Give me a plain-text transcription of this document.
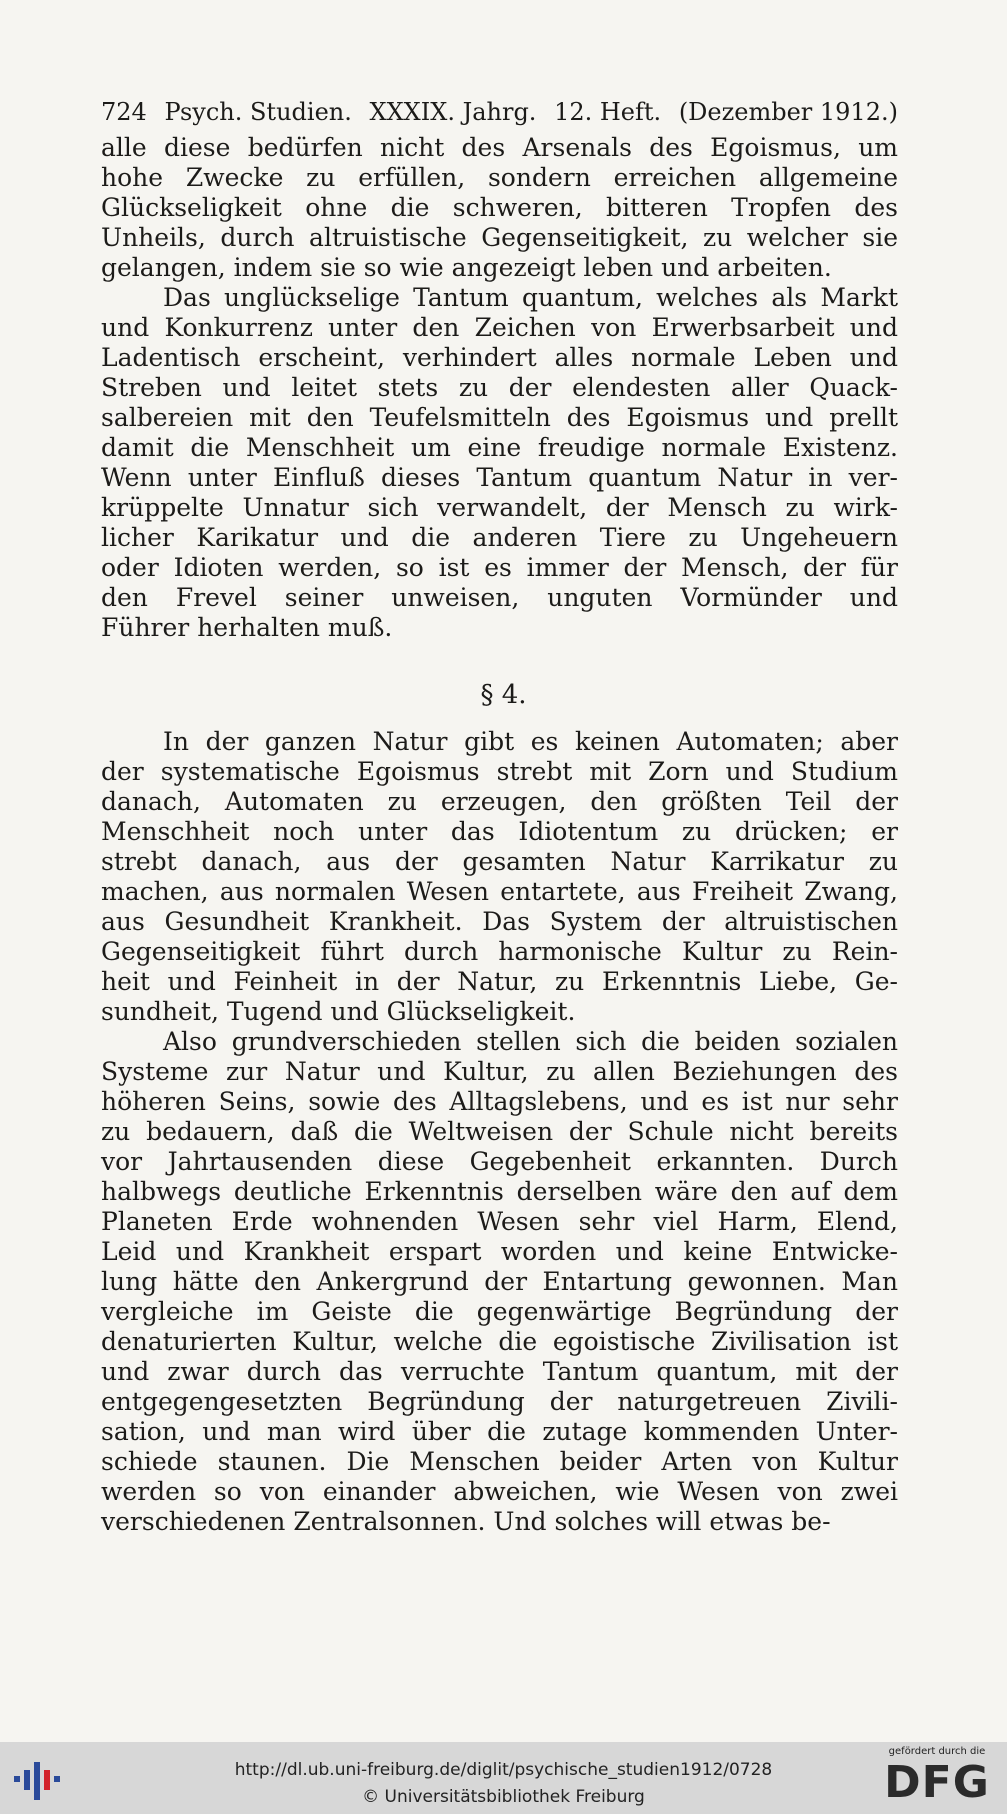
724 Psych. Studien. XXXIX. Jahrg. 12. Heft. (Dezember 1912.)
alle diese bedürfen nicht des Arsenals des Egoismus, um
hohe Zwecke zu erfüllen, sondern erreichen allgemeine
Glückseligkeit ohne die schweren, bitteren Tropfen des
Unheils, durch altruistische Gegenseitigkeit, zu welcher sie
gelangen, indem sie so wie angezeigt leben und arbeiten.
Das unglückselige Tantum quantum, welches als Markt
und Konkurrenz unter den Zeichen von Erwerbsarbeit und
Ladentisch erscheint, verhindert alles normale Leben und
Streben und leitet stets zu der elendesten aller Quack-
salbereien mit den Teufelsmitteln des Egoismus und prellt
damit die Menschheit um eine freudige normale Existenz.
Wenn unter Einfluß dieses Tantum quantum Natur in ver-
krüppelte Unnatur sich verwandelt, der Mensch zu wirk-
licher Karikatur und die anderen Tiere zu Ungeheuern
oder Idioten werden, so ist es immer der Mensch, der für
den Frevel seiner unweisen, unguten Vormünder und
Führer herhalten muß.
§ 4.
In der ganzen Natur gibt es keinen Automaten; aber
der systematische Egoismus strebt mit Zorn und Studium
danach, Automaten zu erzeugen, den größten Teil der
Menschheit noch unter das Idiotentum zu drücken; er
strebt danach, aus der gesamten Natur Karrikatur zu
machen, aus normalen Wesen entartete, aus Freiheit Zwang,
aus Gesundheit Krankheit. Das System der altruistischen
Gegenseitigkeit führt durch harmonische Kultur zu Rein-
heit und Feinheit in der Natur, zu Erkenntnis Liebe, Ge-
sundheit, Tugend und Glückseligkeit.
Also grundverschieden stellen sich die beiden sozialen
Systeme zur Natur und Kultur, zu allen Beziehungen des
höheren Seins, sowie des Alltagslebens, und es ist nur sehr
zu bedauern, daß die Weltweisen der Schule nicht bereits
vor Jahrtausenden diese Gegebenheit erkannten. Durch
halbwegs deutliche Erkenntnis derselben wäre den auf dem
Planeten Erde wohnenden Wesen sehr viel Harm, Elend,
Leid und Krankheit erspart worden und keine Entwicke-
lung hätte den Ankergrund der Entartung gewonnen. Man
vergleiche im Geiste die gegenwärtige Begründung der
denaturierten Kultur, welche die egoistische Zivilisation ist
und zwar durch das verruchte Tantum quantum, mit der
entgegengesetzten Begründung der naturgetreuen Zivili-
sation, und man wird über die zutage kommenden Unter-
schiede staunen. Die Menschen beider Arten von Kultur
werden so von einander abweichen, wie Wesen von zwei
verschiedenen Zentralsonnen. Und solches will etwas be-
http://dl.ub.uni-freiburg.de/diglit/psychische_studien1912/0728
© Universitätsbibliothek Freiburg
gefördert durch die
DFG
